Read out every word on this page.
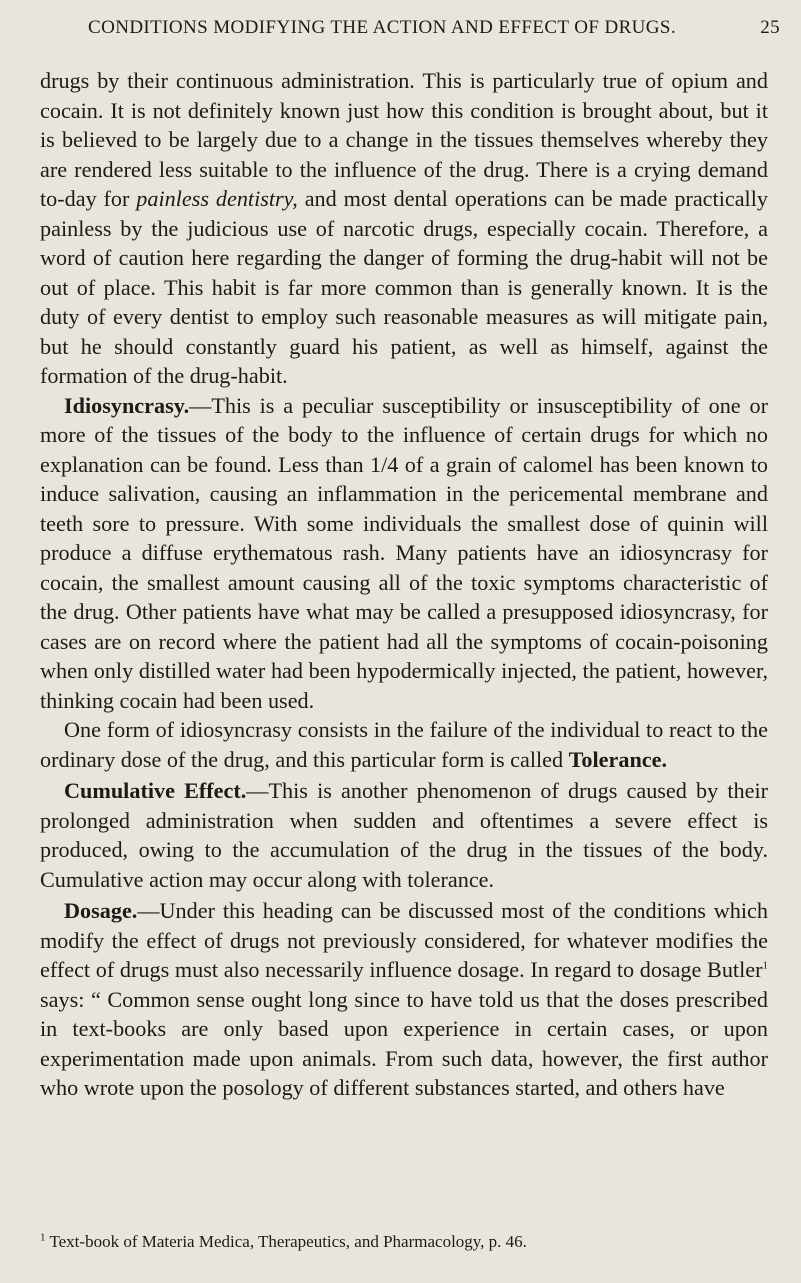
CONDITIONS MODIFYING THE ACTION AND EFFECT OF DRUGS.	25

drugs by their continuous administration. This is particularly true of opium and cocain. It is not definitely known just how this condition is brought about, but it is believed to be largely due to a change in the tissues themselves whereby they are rendered less suitable to the influence of the drug. There is a crying demand to-day for painless dentistry, and most dental operations can be made practically painless by the judicious use of narcotic drugs, especially cocain. Therefore, a word of caution here regarding the danger of forming the drug-habit will not be out of place. This habit is far more common than is generally known. It is the duty of every dentist to employ such reasonable measures as will mitigate pain, but he should constantly guard his patient, as well as himself, against the formation of the drug-habit.

Idiosyncrasy.—This is a peculiar susceptibility or insusceptibility of one or more of the tissues of the body to the influence of certain drugs for which no explanation can be found. Less than 1/4 of a grain of calomel has been known to induce salivation, causing an inflammation in the pericemental membrane and teeth sore to pressure. With some individuals the smallest dose of quinin will produce a diffuse erythematous rash. Many patients have an idiosyncrasy for cocain, the smallest amount causing all of the toxic symptoms characteristic of the drug. Other patients have what may be called a presupposed idiosyncrasy, for cases are on record where the patient had all the symptoms of cocain-poisoning when only distilled water had been hypodermically injected, the patient, however, thinking cocain had been used.

One form of idiosyncrasy consists in the failure of the individual to react to the ordinary dose of the drug, and this particular form is called Tolerance.

Cumulative Effect.—This is another phenomenon of drugs caused by their prolonged administration when sudden and oftentimes a severe effect is produced, owing to the accumulation of the drug in the tissues of the body. Cumulative action may occur along with tolerance.

Dosage.—Under this heading can be discussed most of the conditions which modify the effect of drugs not previously considered, for whatever modifies the effect of drugs must also necessarily influence dosage. In regard to dosage Butler$^1$ says: “ Common sense ought long since to have told us that the doses prescribed in text-books are only based upon experience in certain cases, or upon experimentation made upon animals. From such data, however, the first author who wrote upon the posology of different substances started, and others have

$^1$ Text-book of Materia Medica, Therapeutics, and Pharmacology, p. 46.
